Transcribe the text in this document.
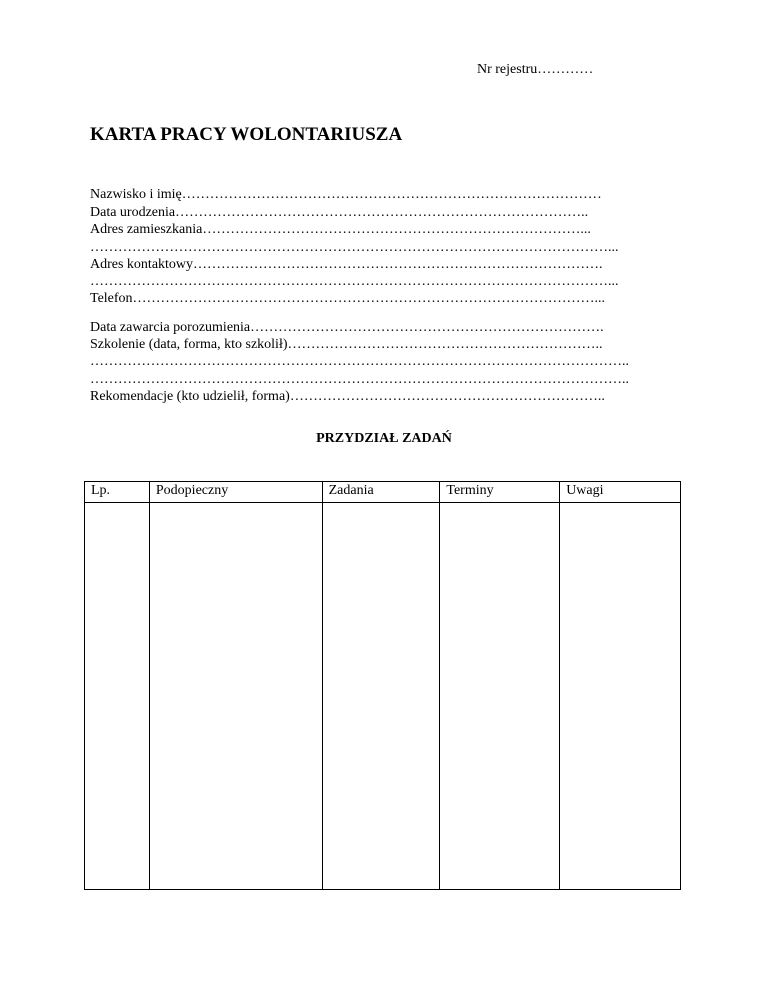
Nr rejestru…………
KARTA PRACY WOLONTARIUSZA
Nazwisko i imię………………………………………………………………………………
Data urodzenia……………………………………………………………………………..
Adres zamieszkania………………………………………………………………………...
…………………………………………………………………………………………………...
Adres kontaktowy…………………………………………………………………………….
…………………………………………………………………………………………………...
Telefon………………………………………………………………………………………...
Data zawarcia porozumienia………………………………………………………………….
Szkolenie (data, forma, kto szkolił)…………………………………………………………..
……………………………………………………………………………………………………..
……………………………………………………………………………………………………..
Rekomendacje (kto udzielił, forma)…………………………………………………………..
PRZYDZIAŁ ZADAŃ
Lp.	Podopieczny	Zadania	Terminy	Uwagi
